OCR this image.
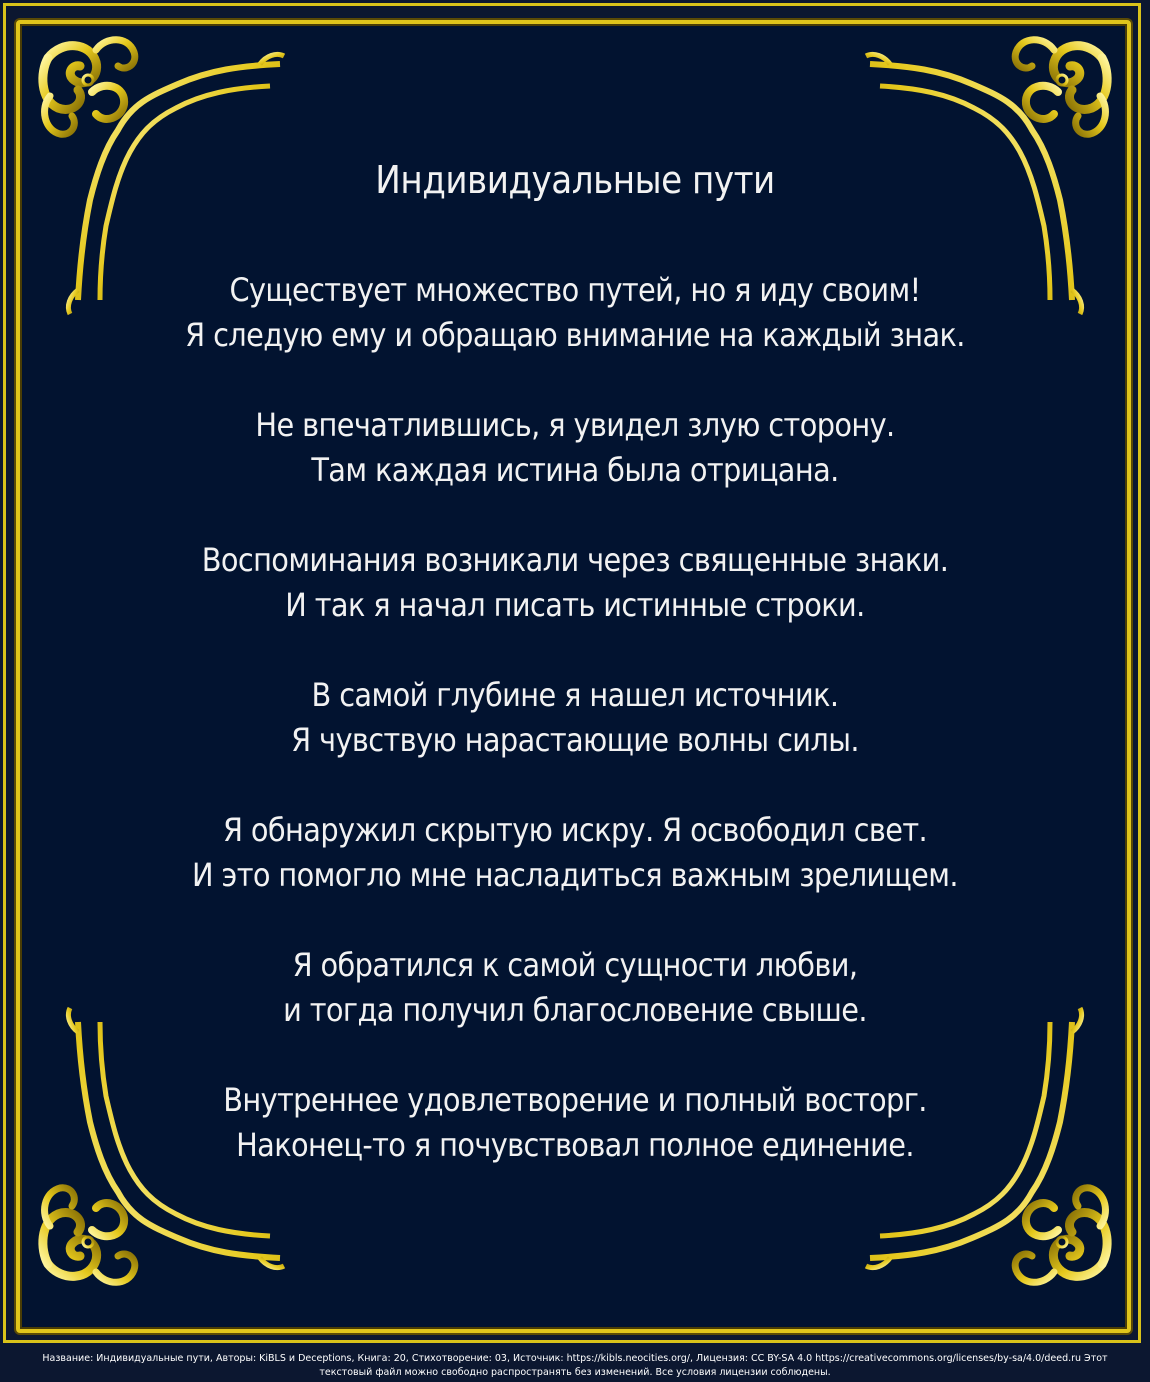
Индивидуальные пути
Существует множество путей, но я иду своим!
Я следую ему и обращаю внимание на каждый знак.
Не впечатлившись, я увидел злую сторону.
Там каждая истина была отрицана.
Воспоминания возникали через священные знаки.
И так я начал писать истинные строки.
В самой глубине я нашел источник.
Я чувствую нарастающие волны силы.
Я обнаружил скрытую искру. Я освободил свет.
И это помогло мне насладиться важным зрелищем.
Я обратился к самой сущности любви,
и тогда получил благословение свыше.
Внутреннее удовлетворение и полный восторг.
Наконец-то я почувствовал полное единение.
Название: Индивидуальные пути, Авторы: KiBLS и Deceptions, Книга: 20, Стихотворение: 03, Источник: https://kibls.neocities.org/, Лицензия: CC BY-SA 4.0 https://creativecommons.org/licenses/by-sa/4.0/deed.ru Этот
текстовый файл можно свободно распространять без изменений. Все условия лицензии соблюдены.
